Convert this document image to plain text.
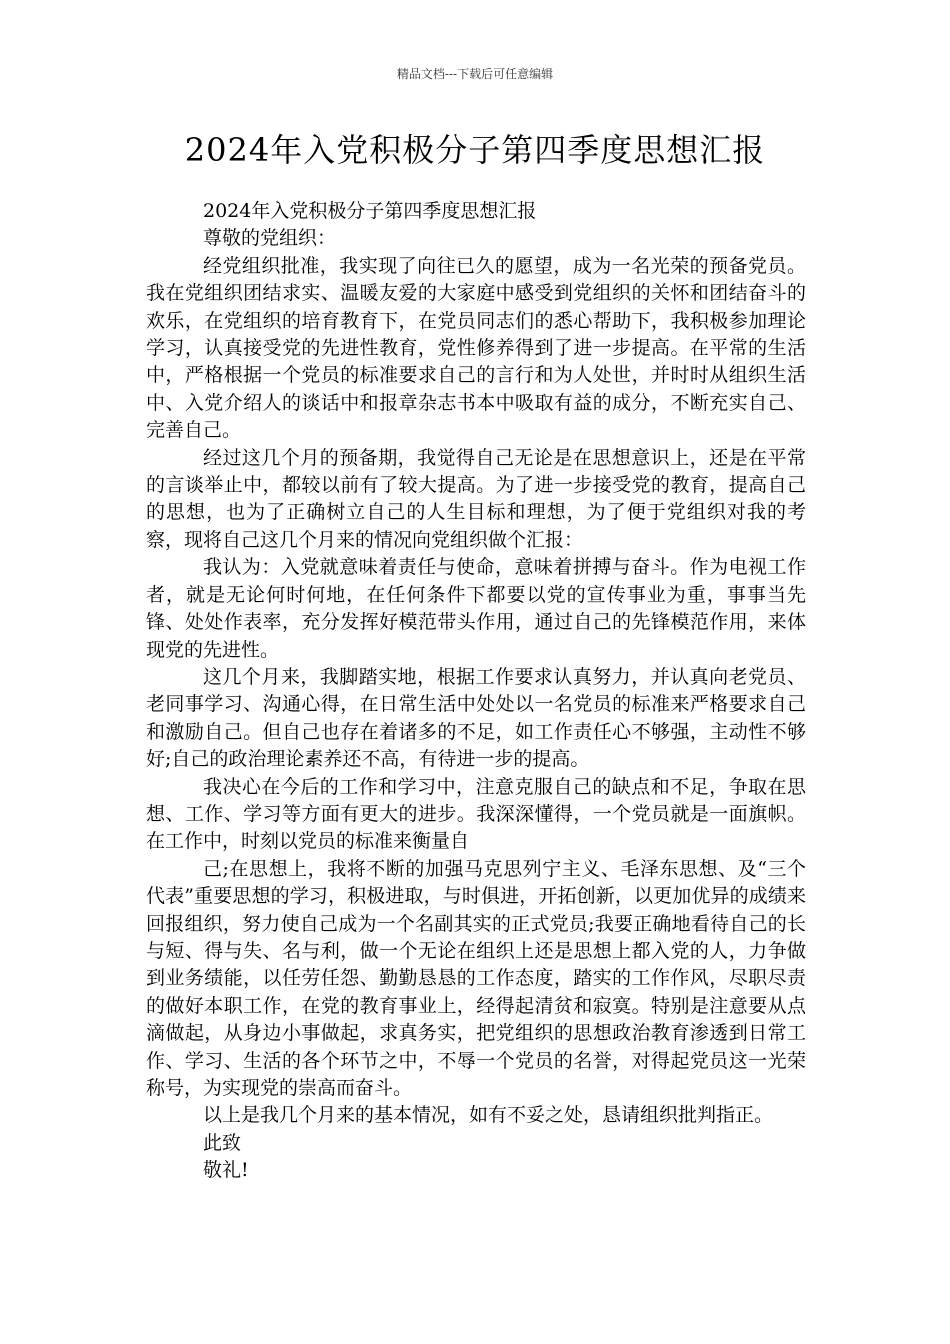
精品文档---下载后可任意编辑
2024年入党积极分子第四季度思想汇报

2024年入党积极分子第四季度思想汇报

尊敬的党组织：

经党组织批准，我实现了向往已久的愿望，成为一名光荣的预备党员。我在党组织团结求实、温暖友爱的大家庭中感受到党组织的关怀和团结奋斗的欢乐，在党组织的培育教育下，在党员同志们的悉心帮助下，我积极参加理论学习，认真接受党的先进性教育，党性修养得到了进一步提高。在平常的生活中，严格根据一个党员的标准要求自己的言行和为人处世，并时时从组织生活中、入党介绍人的谈话中和报章杂志书本中吸取有益的成分，不断充实自己、完善自己。

经过这几个月的预备期，我觉得自己无论是在思想意识上，还是在平常的言谈举止中，都较以前有了较大提高。为了进一步接受党的教育，提高自己的思想，也为了正确树立自己的人生目标和理想，为了便于党组织对我的考察，现将自己这几个月来的情况向党组织做个汇报：

我认为：入党就意味着责任与使命，意味着拼搏与奋斗。作为电视工作者，就是无论何时何地，在任何条件下都要以党的宣传事业为重，事事当先锋、处处作表率，充分发挥好模范带头作用，通过自己的先锋模范作用，来体现党的先进性。

这几个月来，我脚踏实地，根据工作要求认真努力，并认真向老党员、老同事学习、沟通心得，在日常生活中处处以一名党员的标准来严格要求自己和激励自己。但自己也存在着诸多的不足，如工作责任心不够强，主动性不够好;自己的政治理论素养还不高，有待进一步的提高。

我决心在今后的工作和学习中，注意克服自己的缺点和不足，争取在思想、工作、学习等方面有更大的进步。我深深懂得，一个党员就是一面旗帜。在工作中，时刻以党员的标准来衡量自

己;在思想上，我将不断的加强马克思列宁主义、毛泽东思想、及“三个代表”重要思想的学习，积极进取，与时俱进，开拓创新，以更加优异的成绩来回报组织，努力使自己成为一个名副其实的正式党员;我要正确地看待自己的长与短、得与失、名与利，做一个无论在组织上还是思想上都入党的人，力争做到业务绩能，以任劳任怨、勤勤恳恳的工作态度，踏实的工作作风，尽职尽责的做好本职工作，在党的教育事业上，经得起清贫和寂寞。特别是注意要从点滴做起，从身边小事做起，求真务实，把党组织的思想政治教育渗透到日常工作、学习、生活的各个环节之中，不辱一个党员的名誉，对得起党员这一光荣称号，为实现党的崇高而奋斗。

以上是我几个月来的基本情况，如有不妥之处，恳请组织批判指正。

此致

敬礼!
